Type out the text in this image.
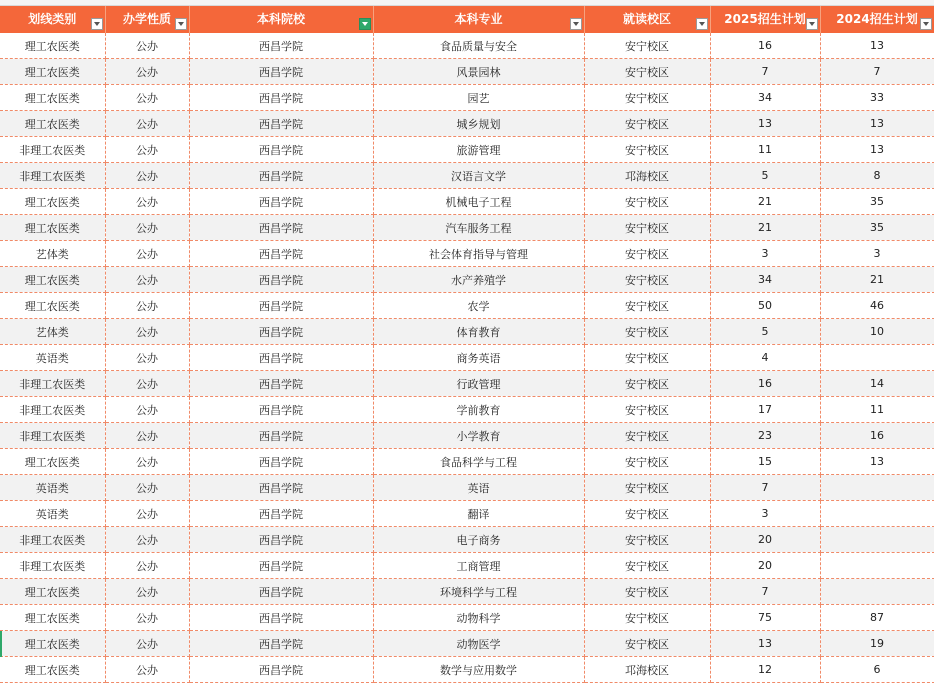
划线类别	办学性质	本科院校	本科专业	就读校区	2025招生计划	2024招生计划

理工农医类	公办	西昌学院	食品质量与安全	安宁校区	16	13
理工农医类	公办	西昌学院	风景园林	安宁校区	7	7
理工农医类	公办	西昌学院	园艺	安宁校区	34	33
理工农医类	公办	西昌学院	城乡规划	安宁校区	13	13
非理工农医类	公办	西昌学院	旅游管理	安宁校区	11	13
非理工农医类	公办	西昌学院	汉语言文学	邛海校区	5	8
理工农医类	公办	西昌学院	机械电子工程	安宁校区	21	35
理工农医类	公办	西昌学院	汽车服务工程	安宁校区	21	35
艺体类	公办	西昌学院	社会体育指导与管理	安宁校区	3	3
理工农医类	公办	西昌学院	水产养殖学	安宁校区	34	21
理工农医类	公办	西昌学院	农学	安宁校区	50	46
艺体类	公办	西昌学院	体育教育	安宁校区	5	10
英语类	公办	西昌学院	商务英语	安宁校区	4	
非理工农医类	公办	西昌学院	行政管理	安宁校区	16	14
非理工农医类	公办	西昌学院	学前教育	安宁校区	17	11
非理工农医类	公办	西昌学院	小学教育	安宁校区	23	16
理工农医类	公办	西昌学院	食品科学与工程	安宁校区	15	13
英语类	公办	西昌学院	英语	安宁校区	7	
英语类	公办	西昌学院	翻译	安宁校区	3	
非理工农医类	公办	西昌学院	电子商务	安宁校区	20	
非理工农医类	公办	西昌学院	工商管理	安宁校区	20	
理工农医类	公办	西昌学院	环境科学与工程	安宁校区	7	
理工农医类	公办	西昌学院	动物科学	安宁校区	75	87
理工农医类	公办	西昌学院	动物医学	安宁校区	13	19
理工农医类	公办	西昌学院	数学与应用数学	邛海校区	12	6
